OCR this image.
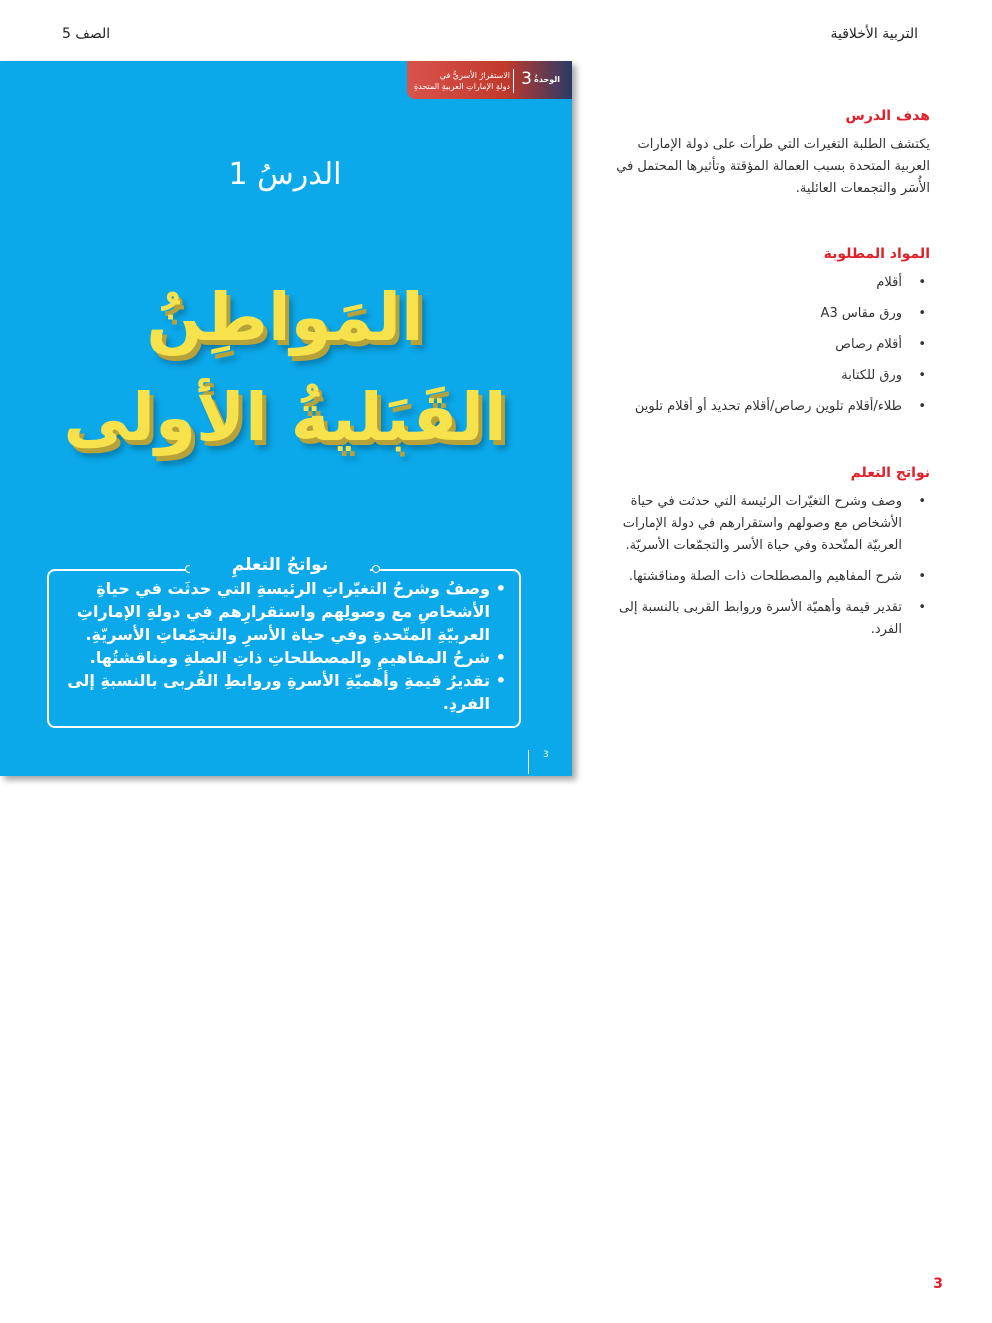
الصف 5	التربية الأخلاقية
الوحدةُ
3
الاستقرارُ الأسريُّ في
دولةِ الإماراتِ العربيةِ المتحدةِ
الدرسُ 1
المَواطِنُ
القَبَليةُ الأولى
نواتجُ التعلمِ
• وصفُ وشرحُ التغيّراتِ الرئيسةِ التي حدثَت في حياةِ الأشخاصِ مع وصولِهم واستقرارِهم في دولةِ الإماراتِ العربيّةِ المتّحدةِ وفي حياة الأسرِ والتجمّعاتِ الأسريّةِ.
• شرحُ المفاهيمِ والمصطلحاتِ ذاتِ الصلةِ ومناقشتُها.
• تقديرُ قيمةِ وأهميّةِ الأسرةِ وروابطِ القُربى بالنسبةِ إلى الفردِ.
3

هدف الدرس

يكتشف الطلبة التغيرات التي طرأت على دولة الإمارات العربية المتحدة بسبب العمالة المؤقتة وتأثيرها المحتمل في الأُسَر والتجمعات العائلية.

المواد المطلوبة

• أقلام
• ورق مقاس A3
• أقلام رصاص
• ورق للكتابة
• طلاء/أقلام تلوين رصاص/أقلام تحديد أو أقلام تلوين

نواتج التعلم

• وصف وشرح التغيّرات الرئيسة التي حدثت في حياة الأشخاص مع وصولهم واستقرارهم في دولة الإمارات العربيّة المتّحدة وفي حياة الأسر والتجمّعات الأسريّة.
• شرح المفاهيم والمصطلحات ذات الصلة ومناقشتها.
• تقدير قيمة وأهميّة الأسرة وروابط القربى بالنسبة إلى الفرد.
3
